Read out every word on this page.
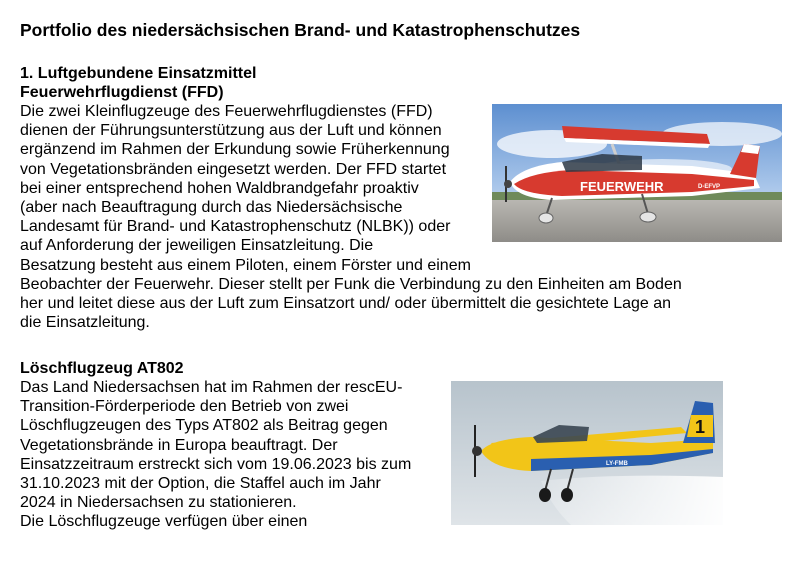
Portfolio des niedersächsischen Brand- und Katastrophenschutzes
1. Luftgebundene Einsatzmittel
Feuerwehrflugdienst (FFD)
Die zwei Kleinflugzeuge des Feuerwehrflugdienstes (FFD)
dienen der Führungsunterstützung aus der Luft und können
ergänzend im Rahmen der Erkundung sowie Früherkennung
von Vegetationsbränden eingesetzt werden. Der FFD startet
bei einer entsprechend hohen Waldbrandgefahr proaktiv
(aber nach Beauftragung durch das Niedersächsische
Landesamt für Brand- und Katastrophenschutz (NLBK)) oder
auf Anforderung der jeweiligen Einsatzleitung. Die
Besatzung besteht aus einem Piloten, einem Förster und einem
Beobachter der Feuerwehr. Dieser stellt per Funk die Verbindung zu den Einheiten am Boden
her und leitet diese aus der Luft zum Einsatzort und/ oder übermittelt die gesichtete Lage an
die Einsatzleitung.
FEUERWEHR	D-EFVP
Löschflugzeug AT802
Das Land Niedersachsen hat im Rahmen der rescEU-
Transition-Förderperiode den Betrieb von zwei
Löschflugzeugen des Typs AT802 als Beitrag gegen
Vegetationsbrände in Europa beauftragt. Der
Einsatzzeitraum erstreckt sich vom 19.06.2023 bis zum
31.10.2023 mit der Option, die Staffel auch im Jahr
2024 in Niedersachsen zu stationieren.
Die Löschflugzeuge verfügen über einen
1
LY-FMB
